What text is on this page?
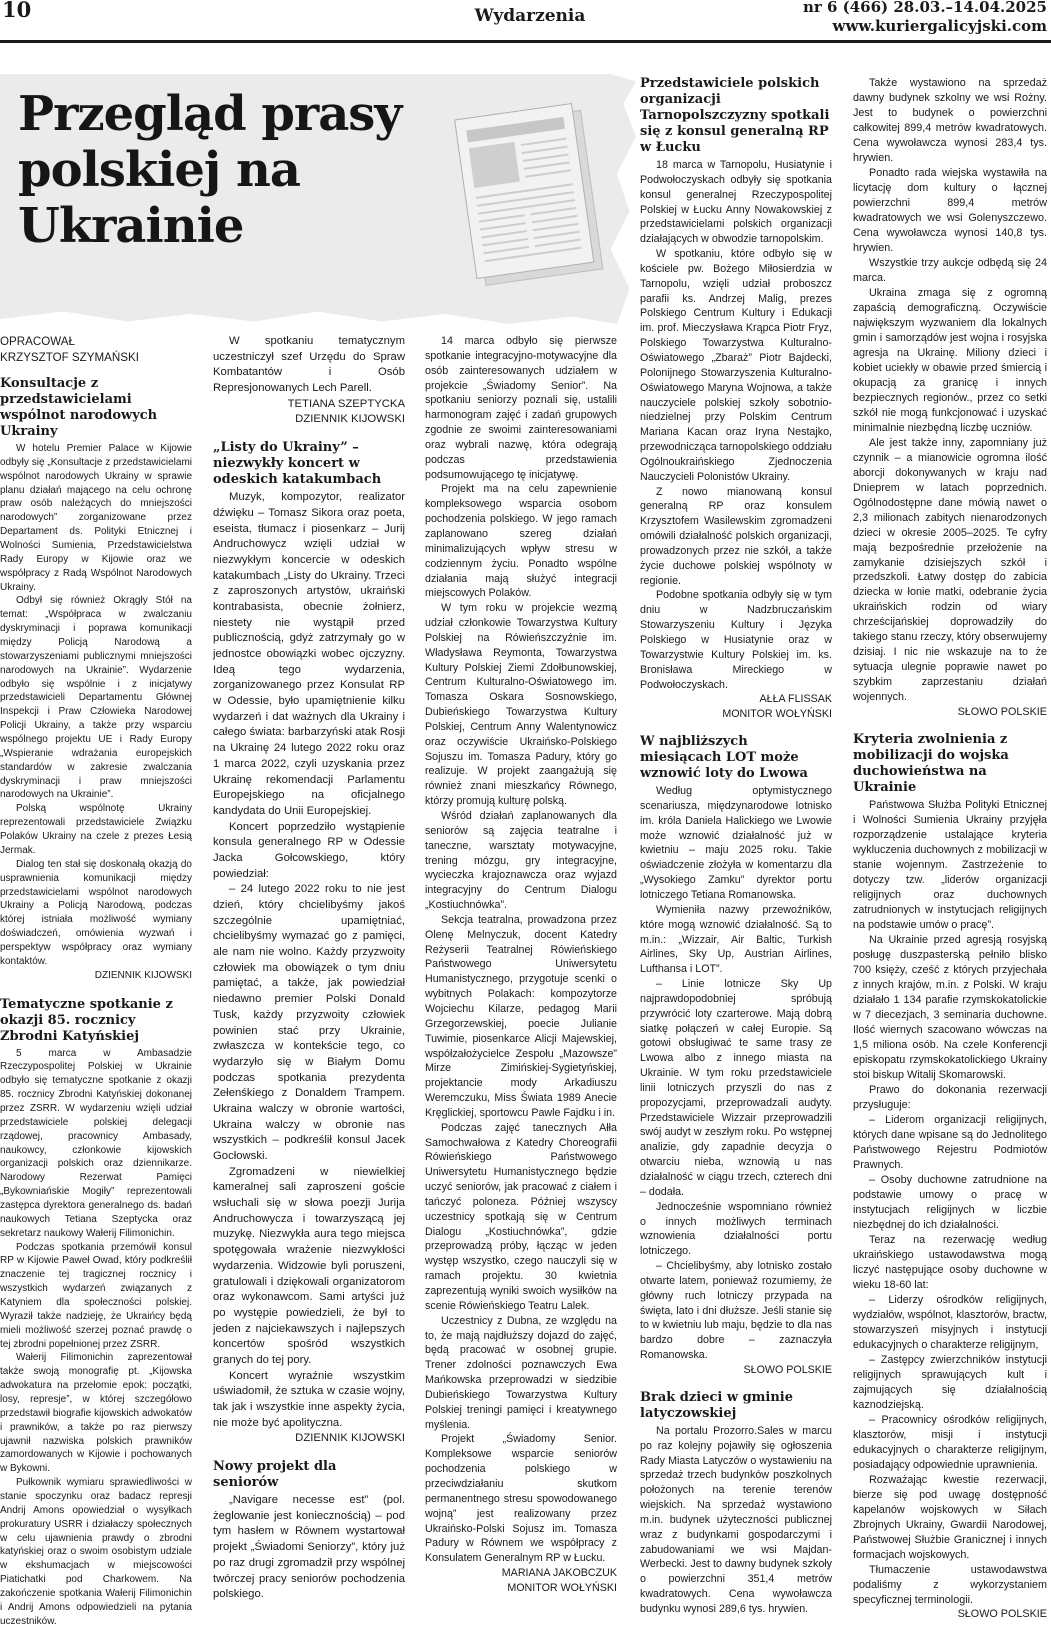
10	Wydarzenia	nr 6 (466) 28.03.–14.04.2025
www.kuriergalicyjski.com
Przegląd prasy polskiej na Ukrainie
OPRACOWAŁ
KRZYSZTOF SZYMAŃSKI
Konsultacje z przedstawicielami wspólnot narodowych Ukrainy

W hotelu Premier Palace w Kijowie odbyły się „Konsultacje z przedstawicielami wspólnot narodowych Ukrainy w sprawie planu działań mającego na celu ochronę praw osób należących do mniejszości narodowych” zorganizowane przez Departament ds. Polityki Etnicznej i Wolności Sumienia, Przedstawicielstwa Rady Europy w Kijowie oraz we współpracy z Radą Wspólnot Narodowych Ukrainy.

Odbył się również Okrągły Stół na temat: „Współpraca w zwalczaniu dyskryminacji i poprawa komunikacji między Policją Narodową a stowarzyszeniami publicznymi mniejszości narodowych na Ukrainie”. Wydarzenie odbyło się wspólnie i z inicjatywy przedstawicieli Departamentu Głównej Inspekcji i Praw Człowieka Narodowej Policji Ukrainy, a także przy wsparciu wspólnego projektu UE i Rady Europy „Wspieranie wdrażania europejskich standardów w zakresie zwalczania dyskryminacji i praw mniejszości narodowych na Ukrainie”.

Polską wspólnotę Ukrainy reprezentowali przedstawiciele Związku Polaków Ukrainy na czele z prezes Łesią Jermak.

Dialog ten stał się doskonałą okazją do usprawnienia komunikacji między przedstawicielami wspólnot narodowych Ukrainy a Policją Narodową, podczas której istniała możliwość wymiany doświadczeń, omówienia wyzwań i perspektyw współpracy oraz wymiany kontaktów.

DZIENNIK KIJOWSKI

Tematyczne spotkanie z okazji 85. rocznicy Zbrodni Katyńskiej

5 marca w Ambasadzie Rzeczypospolitej Polskiej w Ukrainie odbyło się tematyczne spotkanie z okazji 85. rocznicy Zbrodni Katyńskiej dokonanej przez ZSRR. W wydarzeniu wzięli udział przedstawiciele polskiej delegacji rządowej, pracownicy Ambasady, naukowcy, członkowie kijowskich organizacji polskich oraz dziennikarze. Narodowy Rezerwat Pamięci „Bykowniańskie Mogiły” reprezentowali zastępca dyrektora generalnego ds. badań naukowych Tetiana Szeptycka oraz sekretarz naukowy Wałerij Filimonichin.

Podczas spotkania przemówił konsul RP w Kijowie Paweł Owad, który podkreślił znaczenie tej tragicznej rocznicy i wszystkich wydarzeń związanych z Katyniem dla społeczności polskiej. Wyraził także nadzieję, że Ukraińcy będą mieli możliwość szerzej poznać prawdę o tej zbrodni popełnionej przez ZSRR.

Wałerij Filimonichin zaprezentował także swoją monografię pt. „Kijowska adwokatura na przełomie epok: początki, losy, represje”, w której szczegółowo przedstawił biografie kijowskich adwokatów i prawników, a także po raz pierwszy ujawnił nazwiska polskich prawników zamordowanych w Kijowie i pochowanych w Bykowni.

Pułkownik wymiaru sprawiedliwości w stanie spoczynku oraz badacz represji Andrij Amons opowiedział o wysyłkach prokuratury USRR i działaczy społecznych w celu ujawnienia prawdy o zbrodni katyńskiej oraz o swoim osobistym udziale w ekshumacjach w miejscowości Piatichatki pod Charkowem. Na zakończenie spotkania Wałerij Filimonichin i Andrij Amons odpowiedzieli na pytania uczestników.

W spotkaniu tematycznym uczestniczył szef Urzędu do Spraw Kombatantów i Osób Represjonowanych Lech Parell.

TETIANA SZEPTYCKA

DZIENNIK KIJOWSKI

„Listy do Ukrainy” – niezwykły koncert w odeskich katakumbach

Muzyk, kompozytor, realizator dźwięku – Tomasz Sikora oraz poeta, eseista, tłumacz i piosenkarz – Jurij Andruchowycz wzięli udział w niezwykłym koncercie w odeskich katakumbach „Listy do Ukrainy. Trzeci z zaproszonych artystów, ukraiński kontrabasista, obecnie żołnierz, niestety nie wystąpił przed publicznością, gdyż zatrzymały go w jednostce obowiązki wobec ojczyzny. Ideą tego wydarzenia, zorganizowanego przez Konsulat RP w Odessie, było upamiętnienie kilku wydarzeń i dat ważnych dla Ukrainy i całego świata: barbarzyński atak Rosji na Ukrainę 24 lutego 2022 roku oraz 1 marca 2022, czyli uzyskania przez Ukrainę rekomendacji Parlamentu Europejskiego na oficjalnego kandydata do Unii Europejskiej.

Koncert poprzedziło wystąpienie konsula generalnego RP w Odessie Jacka Gołcowskiego, który powiedział:

– 24 lutego 2022 roku to nie jest dzień, który chcielibyśmy jakoś szczególnie upamiętniać, chcielibyśmy wymazać go z pamięci, ale nam nie wolno. Każdy przyzwoity człowiek ma obowiązek o tym dniu pamiętać, a także, jak powiedział niedawno premier Polski Donald Tusk, każdy przyzwoity człowiek powinien stać przy Ukrainie, zwłaszcza w kontekście tego, co wydarzyło się w Białym Domu podczas spotkania prezydenta Zełenśkiego z Donaldem Trampem. Ukraina walczy w obronie wartości, Ukraina walczy w obronie nas wszystkich – podkreślił konsul Jacek Gocłowski.

Zgromadzeni w niewielkiej kameralnej sali zaproszeni goście wsłuchali się w słowa poezji Jurija Andruchowycza i towarzyszącą jej muzykę. Niezwykła aura tego miejsca spotęgowała wrażenie niezwykłości wydarzenia. Widzowie byli poruszeni, gratulowali i dziękowali organizatorom oraz wykonawcom. Sami artyści już po występie powiedzieli, że był to jeden z najciekawszych i najlepszych koncertów spośród wszystkich granych do tej pory.

Koncert wyraźnie wszystkim uświadomił, że sztuka w czasie wojny, tak jak i wszystkie inne aspekty życia, nie może być apolityczna.

DZIENNIK KIJOWSKI

Nowy projekt dla seniorów

„Navigare necesse est” (pol. żeglowanie jest koniecznością) – pod tym hasłem w Równem wystartował projekt „Świadomi Seniorzy”, który już po raz drugi zgromadził przy wspólnej twórczej pracy seniorów pochodzenia polskiego.

14 marca odbyło się pierwsze spotkanie integracyjno-motywacyjne dla osób zainteresowanych udziałem w projekcie „Świadomy Senior”. Na spotkaniu seniorzy poznali się, ustalili harmonogram zajęć i zadań grupowych zgodnie ze swoimi zainteresowaniami oraz wybrali nazwę, która odegrają podczas przedstawienia podsumowującego tę inicjatywę.

Projekt ma na celu zapewnienie kompleksowego wsparcia osobom pochodzenia polskiego. W jego ramach zaplanowano szereg działań minimalizujących wpływ stresu w codziennym życiu. Ponadto wspólne działania mają służyć integracji miejscowych Polaków.

W tym roku w projekcie wezmą udział członkowie Towarzystwa Kultury Polskiej na Rówieńszczyźnie im. Władysława Reymonta, Towarzystwa Kultury Polskiej Ziemi Zdołbunowskiej, Centrum Kulturalno-Oświatowego im. Tomasza Oskara Sosnowskiego, Dubieńskiego Towarzystwa Kultury Polskiej, Centrum Anny Walentynowicz oraz oczywiście Ukraińsko-Polskiego Sojuszu im. Tomasza Padury, który go realizuje. W projekt zaangażują się również znani mieszkańcy Równego, którzy promują kulturę polską.

Wśród działań zaplanowanych dla seniorów są zajęcia teatralne i taneczne, warsztaty motywacyjne, trening mózgu, gry integracyjne, wycieczka krajoznawcza oraz wyjazd integracyjny do Centrum Dialogu „Kostiuchnówka”.

Sekcja teatralna, prowadzona przez Olenę Melnyczuk, docent Katedry Reżyserii Teatralnej Rówieńskiego Państwowego Uniwersytetu Humanistycznego, przygotuje scenki o wybitnych Polakach: kompozytorze Wojciechu Kilarze, pedagog Marii Grzegorzewskiej, poecie Julianie Tuwimie, piosenkarce Alicji Majewskiej, współzałożycielce Zespołu „Mazowsze” Mirze Zimińskiej-Sygietyńskiej, projektancie mody Arkadiuszu Weremczuku, Miss Świata 1989 Anecie Kręglickiej, sportowcu Pawle Fajdku i in.

Podczas zajęć tanecznych Ałła Samochwałowa z Katedry Choreografii Rówieńskiego Państwowego Uniwersytetu Humanistycznego będzie uczyć seniorów, jak pracować z ciałem i tańczyć polonezа. Później wszyscy uczestnicy spotkają się w Centrum Dialogu „Kostiuchnówka”, gdzie przeprowadzą próby, łącząc w jeden występ wszystko, czego nauczyli się w ramach projektu. 30 kwietnia zaprezentują wyniki swoich wysiłków na scenie Rówieńskiego Teatru Lalek.

Uczestnicy z Dubna, ze względu na to, że mają najdłuższy dojazd do zajęć, będą pracować w osobnej grupie. Trener zdolności poznawczych Ewa Mańkowska przeprowadzi w siedzibie Dubieńskiego Towarzystwa Kultury Polskiej treningi pamięci i kreatywnego myślenia.

Projekt „Świadomy Senior. Kompleksowe wsparcie seniorów pochodzenia polskiego w przeciwdziałaniu skutkom permanentnego stresu spowodowanego wojną” jest realizowany przez Ukraińsko-Polski Sojusz im. Tomasza Padury w Równem we współpracy z Konsulatem Generalnym RP w Łucku.

MARIANA JAKOBCZUK

MONITOR WOŁYŃSKI

Przedstawiciele polskich organizacji Tarnopolszczyzny spotkali się z konsul generalną RP w Łucku

18 marca w Tarnopolu, Husiatynie i Podwołoczyskach odbyły się spotkania konsul generalnej Rzeczypospolitej Polskiej w Łucku Anny Nowakowskiej z przedstawicielami polskich organizacji działających w obwodzie tarnopolskim.

W spotkaniu, które odbyło się w kościele pw. Bożego Miłosierdzia w Tarnopolu, wzięli udział proboszcz parafii ks. Andrzej Malig, prezes Polskiego Centrum Kultury i Edukacji im. prof. Mieczysława Krąpca Piotr Fryz, Polskiego Towarzystwa Kulturalno-Oświatowego „Zbaraż” Piotr Bajdecki, Polonijnego Stowarzyszenia Kulturalno-Oświatowego Maryna Wojnowa, a także nauczyciele polskiej szkoły sobotnio-niedzielnej przy Polskim Centrum Mariana Kacan oraz Iryna Nestajko, przewodnicząca tarnopolskiego oddziału Ogólnoukraińskiego Zjednoczenia Nauczycieli Polonistów Ukrainy.

Z nowo mianowaną konsul generalną RP oraz konsulem Krzysztofem Wasilewskim zgromadzeni omówili działalność polskich organizacji, prowadzonych przez nie szkół, a także życie duchowe polskiej wspólnoty w regionie.

Podobne spotkania odbyły się w tym dniu w Nadzbruczańskim Stowarzyszeniu Kultury i Języka Polskiego w Husiatynie oraz w Towarzystwie Kultury Polskiej im. ks. Bronisława Mireckiego w Podwołoczyskach.

AŁŁA FLISSAK

MONITOR WOŁYŃSKI

W najbliższych miesiącach LOT może wznowić loty do Lwowa

Według optymistycznego scenariusza, międzynarodowe lotnisko im. króla Daniela Halickiego we Lwowie może wznowić działalność już w kwietniu – maju 2025 roku. Takie oświadczenie złożyła w komentarzu dla „Wysokiego Zamku” dyrektor portu lotniczego Tetiana Romanowska.

Wymieniła nazwy przewoźników, które mogą wznowić działalność. Są to m.in.: „Wizzair, Air Baltic, Turkish Airlines, Sky Up, Austrian Airlines, Lufthansa i LOT”.

– Linie lotnicze Sky Up najprawdopodobniej spróbują przywrócić loty czarterowe. Mają dobrą siatkę połączeń w całej Europie. Są gotowi obsługiwać te same trasy ze Lwowa albo z innego miasta na Ukrainie. W tym roku przedstawiciele linii lotniczych przyszli do nas z propozycjami, przeprowadzali audyty. Przedstawiciele Wizzair przeprowadzili swój audyt w zeszłym roku. Po wstępnej analizie, gdy zapadnie decyzja o otwarciu nieba, wznowią u nas działalność w ciągu trzech, czterech dni – dodała.

Jednocześnie wspomniano również o innych możliwych terminach wznowienia działalności portu lotniczego.

– Chcielibyśmy, aby lotnisko zostało otwarte latem, ponieważ rozumiemy, że główny ruch lotniczy przypada na święta, lato i dni dłuższe. Jeśli stanie się to w kwietniu lub maju, będzie to dla nas bardzo dobre – zaznaczyła Romanowska.

SŁOWO POLSKIE

Brak dzieci w gminie latyczowskiej

Na portalu Prozorro.Sales w marcu po raz kolejny pojawiły się ogłoszenia Rady Miasta Latyczów o wystawieniu na sprzedaż trzech budynków poszkolnych położonych na terenie terenów wiejskich. Na sprzedaż wystawiono m.in. budynek użyteczności publicznej wraz z budynkami gospodarczymi i zabudowaniami we wsi Majdan-Werbecki. Jest to dawny budynek szkoły o powierzchni 351,4 metrów kwadratowych. Cena wywoławcza budynku wynosi 289,6 tys. hrywien.

Także wystawiono na sprzedaż dawny budynek szkolny we wsi Rożny. Jest to budynek o powierzchni całkowitej 899,4 metrów kwadratowych. Cena wywoławcza wynosi 283,4 tys. hrywien.

Ponadto rada wiejska wystawiła na licytację dom kultury o łącznej powierzchni 899,4 metrów kwadratowych we wsi Golenyszczewo. Cena wywoławcza wynosi 140,8 tys. hrywien.

Wszystkie trzy aukcje odbędą się 24 marca.

Ukraina zmaga się z ogromną zapaścią demograficzną. Oczywiście największym wyzwaniem dla lokalnych gmin i samorządów jest wojna i rosyjska agresja na Ukrainę. Miliony dzieci i kobiet uciekły w obawie przed śmiercią i okupacją za granicę i innych bezpiecznych regionów., przez co setki szkół nie mogą funkcjonować i uzyskać minimalnie niezbędną liczbę uczniów.

Ale jest także inny, zapomniany już czynnik – a mianowicie ogromna ilość aborcji dokonywanych w kraju nad Dnieprem w latach poprzednich. Ogólnodostępne dane mówią nawet o 2,3 milionach zabitych nienarodzonych dzieci w okresie 2005–2025. Te cyfry mają bezpośrednie przełożenie na zamykanie dzisiejszych szkół i przedszkoli. Łatwy dostęp do zabicia dziecka w łonie matki, odebranie życia ukraińskich rodzin od wiary chrześcijańskiej doprowadziły do takiego stanu rzeczy, który obserwujemy dzisiaj. I nic nie wskazuje na to że sytuacja ulegnie poprawie nawet po szybkim zaprzestaniu działań wojennych.

SŁOWO POLSKIE

Kryteria zwolnienia z mobilizacji do wojska duchowieństwa na Ukrainie

Państwowa Służba Polityki Etnicznej i Wolności Sumienia Ukrainy przyjęła rozporządzenie ustalające kryteria wykluczenia duchownych z mobilizacji w stanie wojennym. Zastrzeżenie to dotyczy tzw. „liderów organizacji religijnych oraz duchownych zatrudnionych w instytucjach religijnych na podstawie umów o pracę”.

Na Ukrainie przed agresją rosyjską posługę duszpasterską pełniło blisko 700 księży, cześć z których przyjechała z innych krajów, m.in. z Polski. W kraju działało 1 134 parafie rzymskokatolickie w 7 diecezjach, 3 seminaria duchowne. Ilość wiernych szacowano wówczas na 1,5 miliona osób. Na czele Konferencji episkopatu rzymskokatolickiego Ukrainy stoi biskup Witalij Skomarowski.

Prawo do dokonania rezerwacji przysługuje:

– Liderom organizacji religijnych, których dane wpisane są do Jednolitego Państwowego Rejestru Podmiotów Prawnych.

– Osoby duchowne zatrudnione na podstawie umowy o pracę w instytucjach religijnych w liczbie niezbędnej do ich działalności.

Teraz na rezerwację według ukraińskiego ustawodawstwa mogą liczyć następujące osoby duchowne w wieku 18-60 lat:

– Liderzy ośrodków religijnych, wydziałów, wspólnot, klasztorów, bractw, stowarzyszeń misyjnych i instytucji edukacyjnych o charakterze religijnym,

– Zastępcy zwierzchników instytucji religijnych sprawujących kult i zajmujących się działalnością kaznodziejską.

– Pracownicy ośrodków religijnych, klasztorów, misji i instytucji edukacyjnych o charakterze religijnym, posiadający odpowiednie uprawnienia.

Rozważając kwestie rezerwacji, bierze się pod uwagę dostępność kapelanów wojskowych w Siłach Zbrojnych Ukrainy, Gwardii Narodowej, Państwowej Służbie Granicznej i innych formacjach wojskowych.

Tłumaczenie ustawodawstwa podaliśmy z wykorzystaniem specyficznej terminologii.

SŁOWO POLSKIE
